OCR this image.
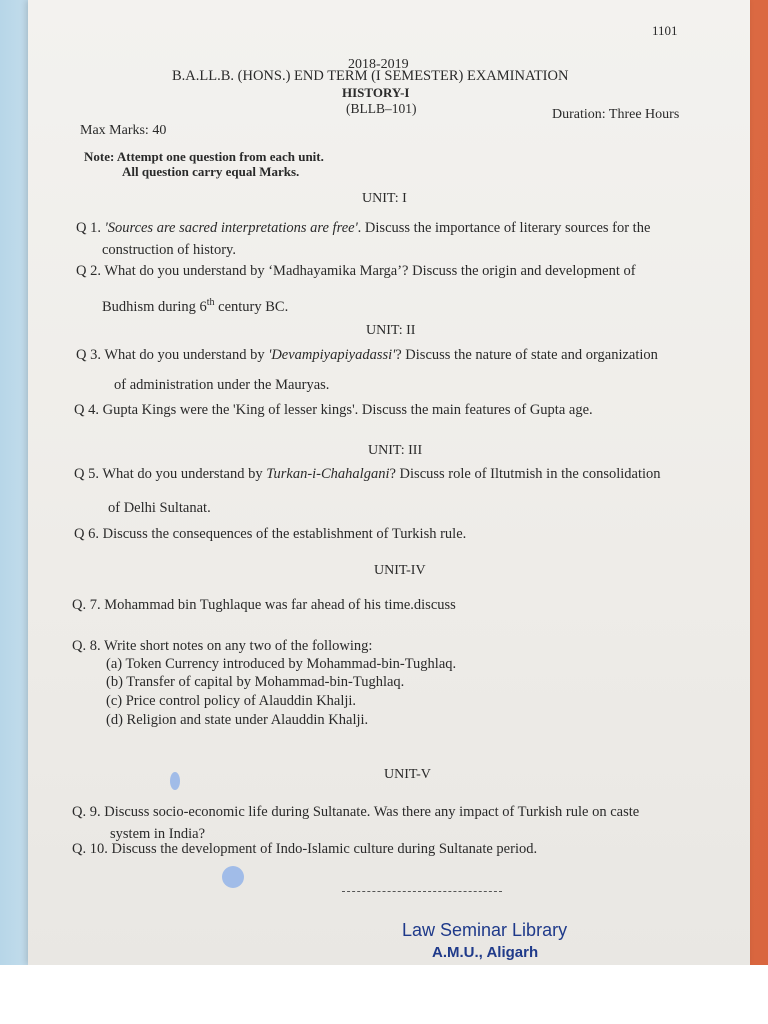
1101
2018-2019
B.A.LL.B. (HONS.) END TERM (I SEMESTER) EXAMINATION
HISTORY-I
(BLLB–101)
Max Marks: 40
Duration: Three Hours
Note: Attempt one question from each unit.
All question carry equal Marks.
UNIT: I
Q 1. 'Sources are sacred interpretations are free'. Discuss the importance of literary sources for the
construction of history.
Q 2. What do you understand by ‘Madhayamika Marga’? Discuss the origin and development of
Budhism during 6th century BC.
UNIT: II
Q 3. What do you understand by 'Devampiyapiyadassi'? Discuss the nature of state and organization
of administration under the Mauryas.
Q 4. Gupta Kings were the 'King of lesser kings'. Discuss the main features of Gupta age.
UNIT: III
Q 5. What do you understand by Turkan-i-Chahalgani? Discuss role of Iltutmish in the consolidation
of Delhi Sultanat.
Q 6. Discuss the consequences of the establishment of Turkish rule.
UNIT-IV
Q. 7. Mohammad bin Tughlaque was far ahead of his time.discuss
Q. 8. Write short notes on any two of the following:
(a) Token Currency introduced by Mohammad-bin-Tughlaq.
(b) Transfer of capital by Mohammad-bin-Tughlaq.
(c) Price control policy of Alauddin Khalji.
(d) Religion and state under Alauddin Khalji.
UNIT-V
Q. 9. Discuss socio-economic life during Sultanate. Was there any impact of Turkish rule on caste
system in India?
Q. 10. Discuss the development of Indo-Islamic culture during Sultanate period.
Law Seminar Library
A.M.U., Aligarh
